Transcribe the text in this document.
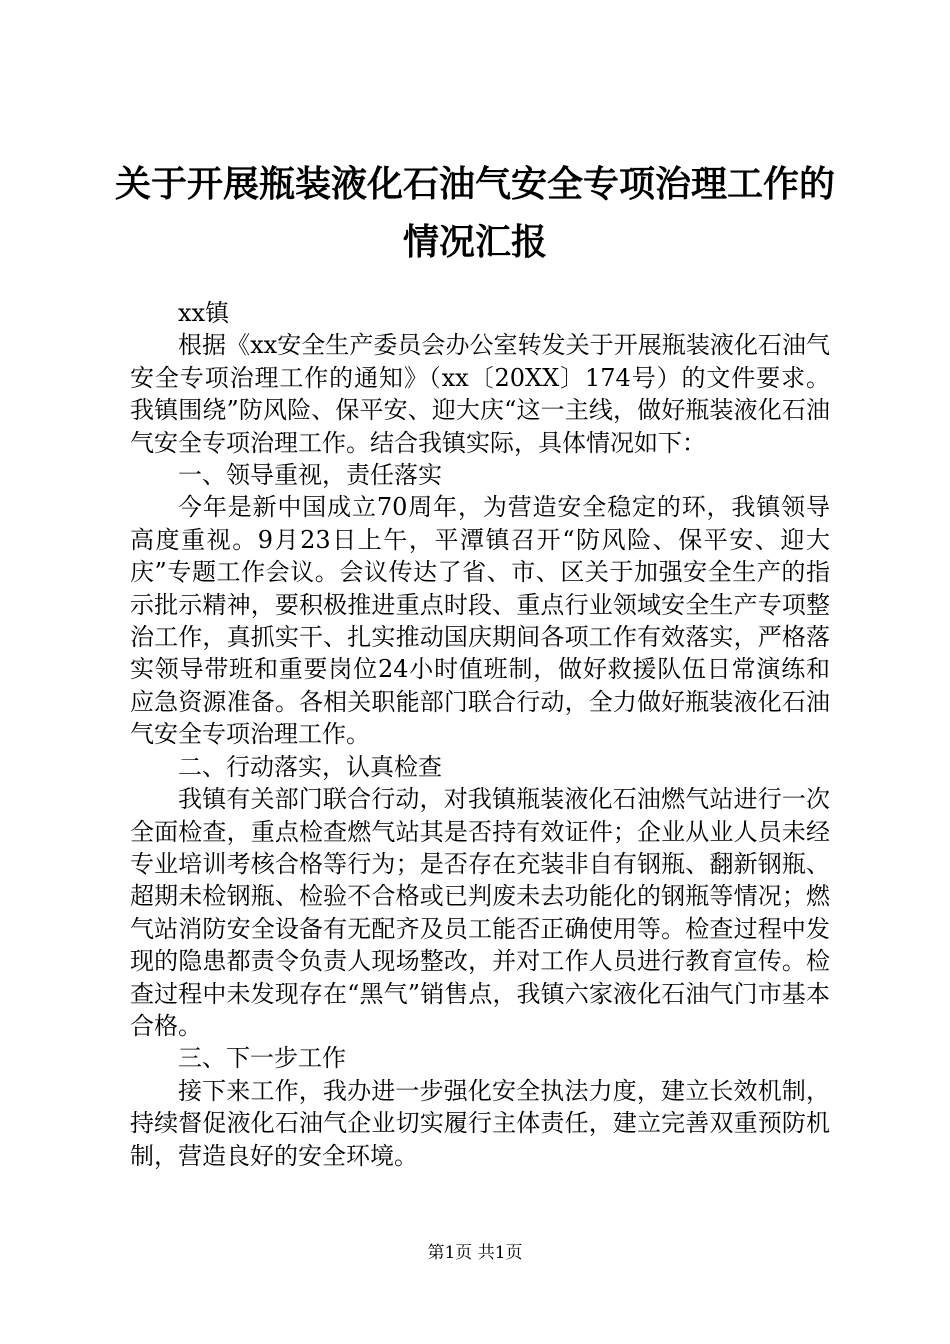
关于开展瓶装液化石油气安全专项治理工作的
情况汇报

xx镇

根据《xx安全生产委员会办公室转发关于开展瓶装液化石油气安全专项治理工作的通知》（xx〔20XX〕174号）的文件要求。我镇围绕”防风险、保平安、迎大庆“这一主线，做好瓶装液化石油气安全专项治理工作。结合我镇实际，具体情况如下：

一、领导重视，责任落实

今年是新中国成立70周年，为营造安全稳定的环，我镇领导高度重视。9月23日上午，平潭镇召开“防风险、保平安、迎大庆”专题工作会议。会议传达了省、市、区关于加强安全生产的指示批示精神，要积极推进重点时段、重点行业领域安全生产专项整治工作，真抓实干、扎实推动国庆期间各项工作有效落实，严格落实领导带班和重要岗位24小时值班制，做好救援队伍日常演练和应急资源准备。各相关职能部门联合行动，全力做好瓶装液化石油气安全专项治理工作。

二、行动落实，认真检查

我镇有关部门联合行动，对我镇瓶装液化石油燃气站进行一次全面检查，重点检查燃气站其是否持有效证件；企业从业人员未经专业培训考核合格等行为；是否存在充装非自有钢瓶、翻新钢瓶、超期未检钢瓶、检验不合格或已判废未去功能化的钢瓶等情况；燃气站消防安全设备有无配齐及员工能否正确使用等。检查过程中发现的隐患都责令负责人现场整改，并对工作人员进行教育宣传。检查过程中未发现存在“黑气”销售点，我镇六家液化石油气门市基本合格。

三、下一步工作

接下来工作，我办进一步强化安全执法力度，建立长效机制，持续督促液化石油气企业切实履行主体责任，建立完善双重预防机制，营造良好的安全环境。

第1页 共1页
